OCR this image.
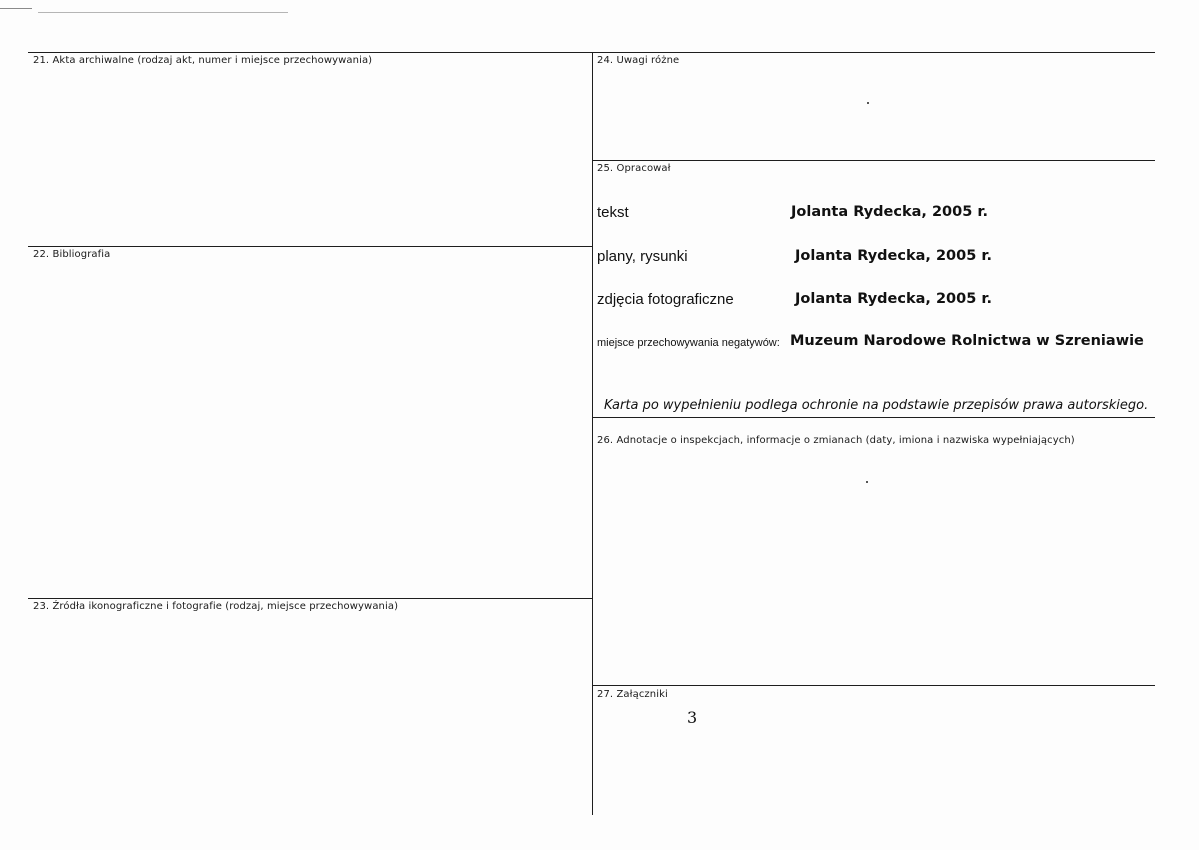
21. Akta archiwalne (rodzaj akt, numer i miejsce przechowywania)
22. Bibliografia
23. Źródła ikonograficzne i fotografie (rodzaj, miejsce przechowywania)
24. Uwagi różne
25. Opracował
tekst	Jolanta Rydecka, 2005 r.
plany, rysunki	Jolanta Rydecka, 2005 r.
zdjęcia fotograficzne	Jolanta Rydecka, 2005 r.
miejsce przechowywania negatywów: Muzeum Narodowe Rolnictwa w Szreniawie
Karta po wypełnieniu podlega ochronie na podstawie przepisów prawa autorskiego.
26. Adnotacje o inspekcjach, informacje o zmianach (daty, imiona i nazwiska wypełniających)
27. Załączniki
3
